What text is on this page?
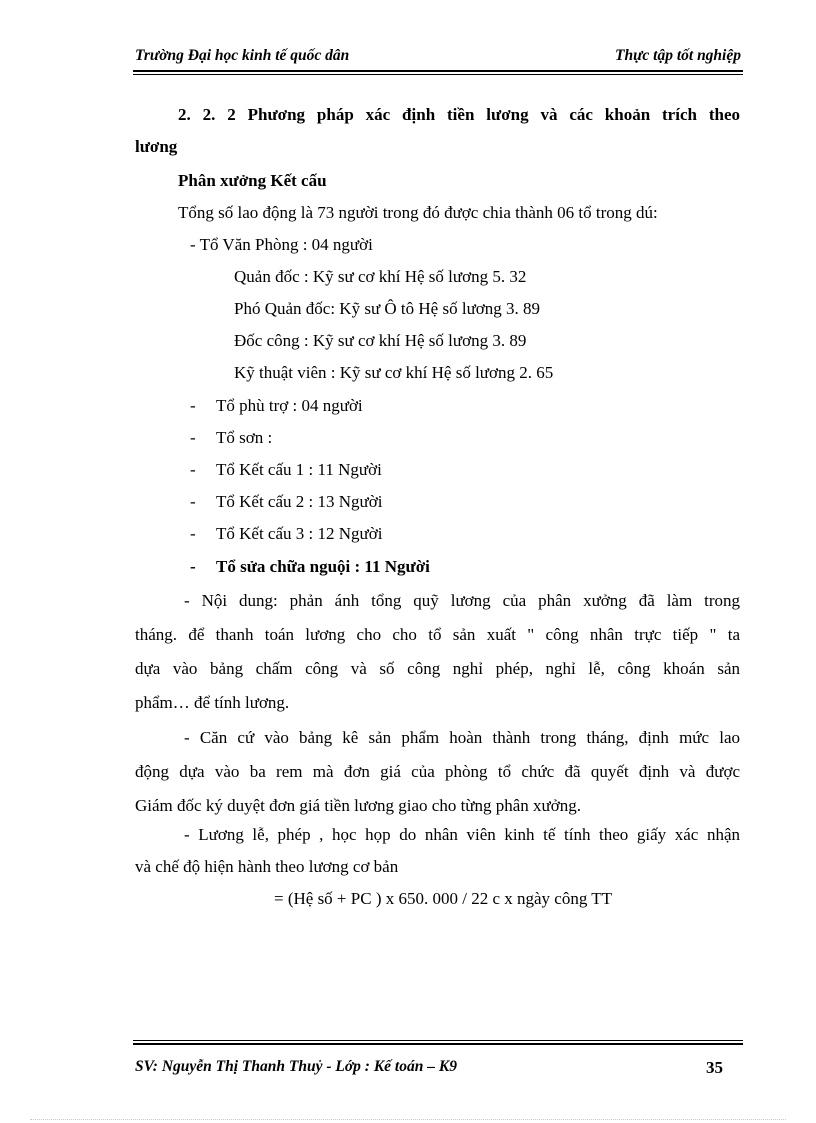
Trường Đại học kinh tế quốc dân	Thực tập tốt nghiệp
2. 2. 2 Phương pháp xác định tiền lương và các khoản trích theo
lương
Phân xưởng Kết cấu
Tổng số lao động là 73 người trong đó được chia thành 06 tổ trong dú:
- Tổ Văn Phòng : 04 người
Quản đốc : Kỹ sư cơ khí Hệ số lương 5. 32
Phó Quản đốc: Kỹ sư Ô tô Hệ số lương 3. 89
Đốc công : Kỹ sư cơ khí Hệ số lương 3. 89
Kỹ thuật viên : Kỹ sư cơ khí Hệ số lương 2. 65
- Tổ phù trợ : 04 người
- Tổ sơn :
- Tổ Kết cấu 1 : 11 Người
- Tổ Kết cấu 2 : 13 Người
- Tổ Kết cấu 3 : 12 Người
- Tổ sửa chữa nguội : 11 Người
- Nội dung: phản ánh tổng quỹ lương của phân xưởng đã làm trong
tháng. để thanh toán lương cho cho tổ sản xuất " công nhân trực tiếp " ta
dựa vào bảng chấm công và số công nghỉ phép, nghỉ lễ, công khoán sản
phẩm… để tính lương.
- Căn cứ vào bảng kê sản phẩm hoàn thành trong tháng, định mức lao
động dựa vào ba rem mà đơn giá của phòng tổ chức đã quyết định và được
Giám đốc ký duyệt đơn giá tiền lương giao cho từng phân xưởng.
- Lương lễ, phép , học họp do nhân viên kinh tế tính theo giấy xác nhận
và chế độ hiện hành theo lương cơ bản
= (Hệ số + PC ) x 650. 000 / 22 c x ngày công TT
SV: Nguyễn Thị Thanh Thuỷ - Lớp : Kế toán – K9	35
